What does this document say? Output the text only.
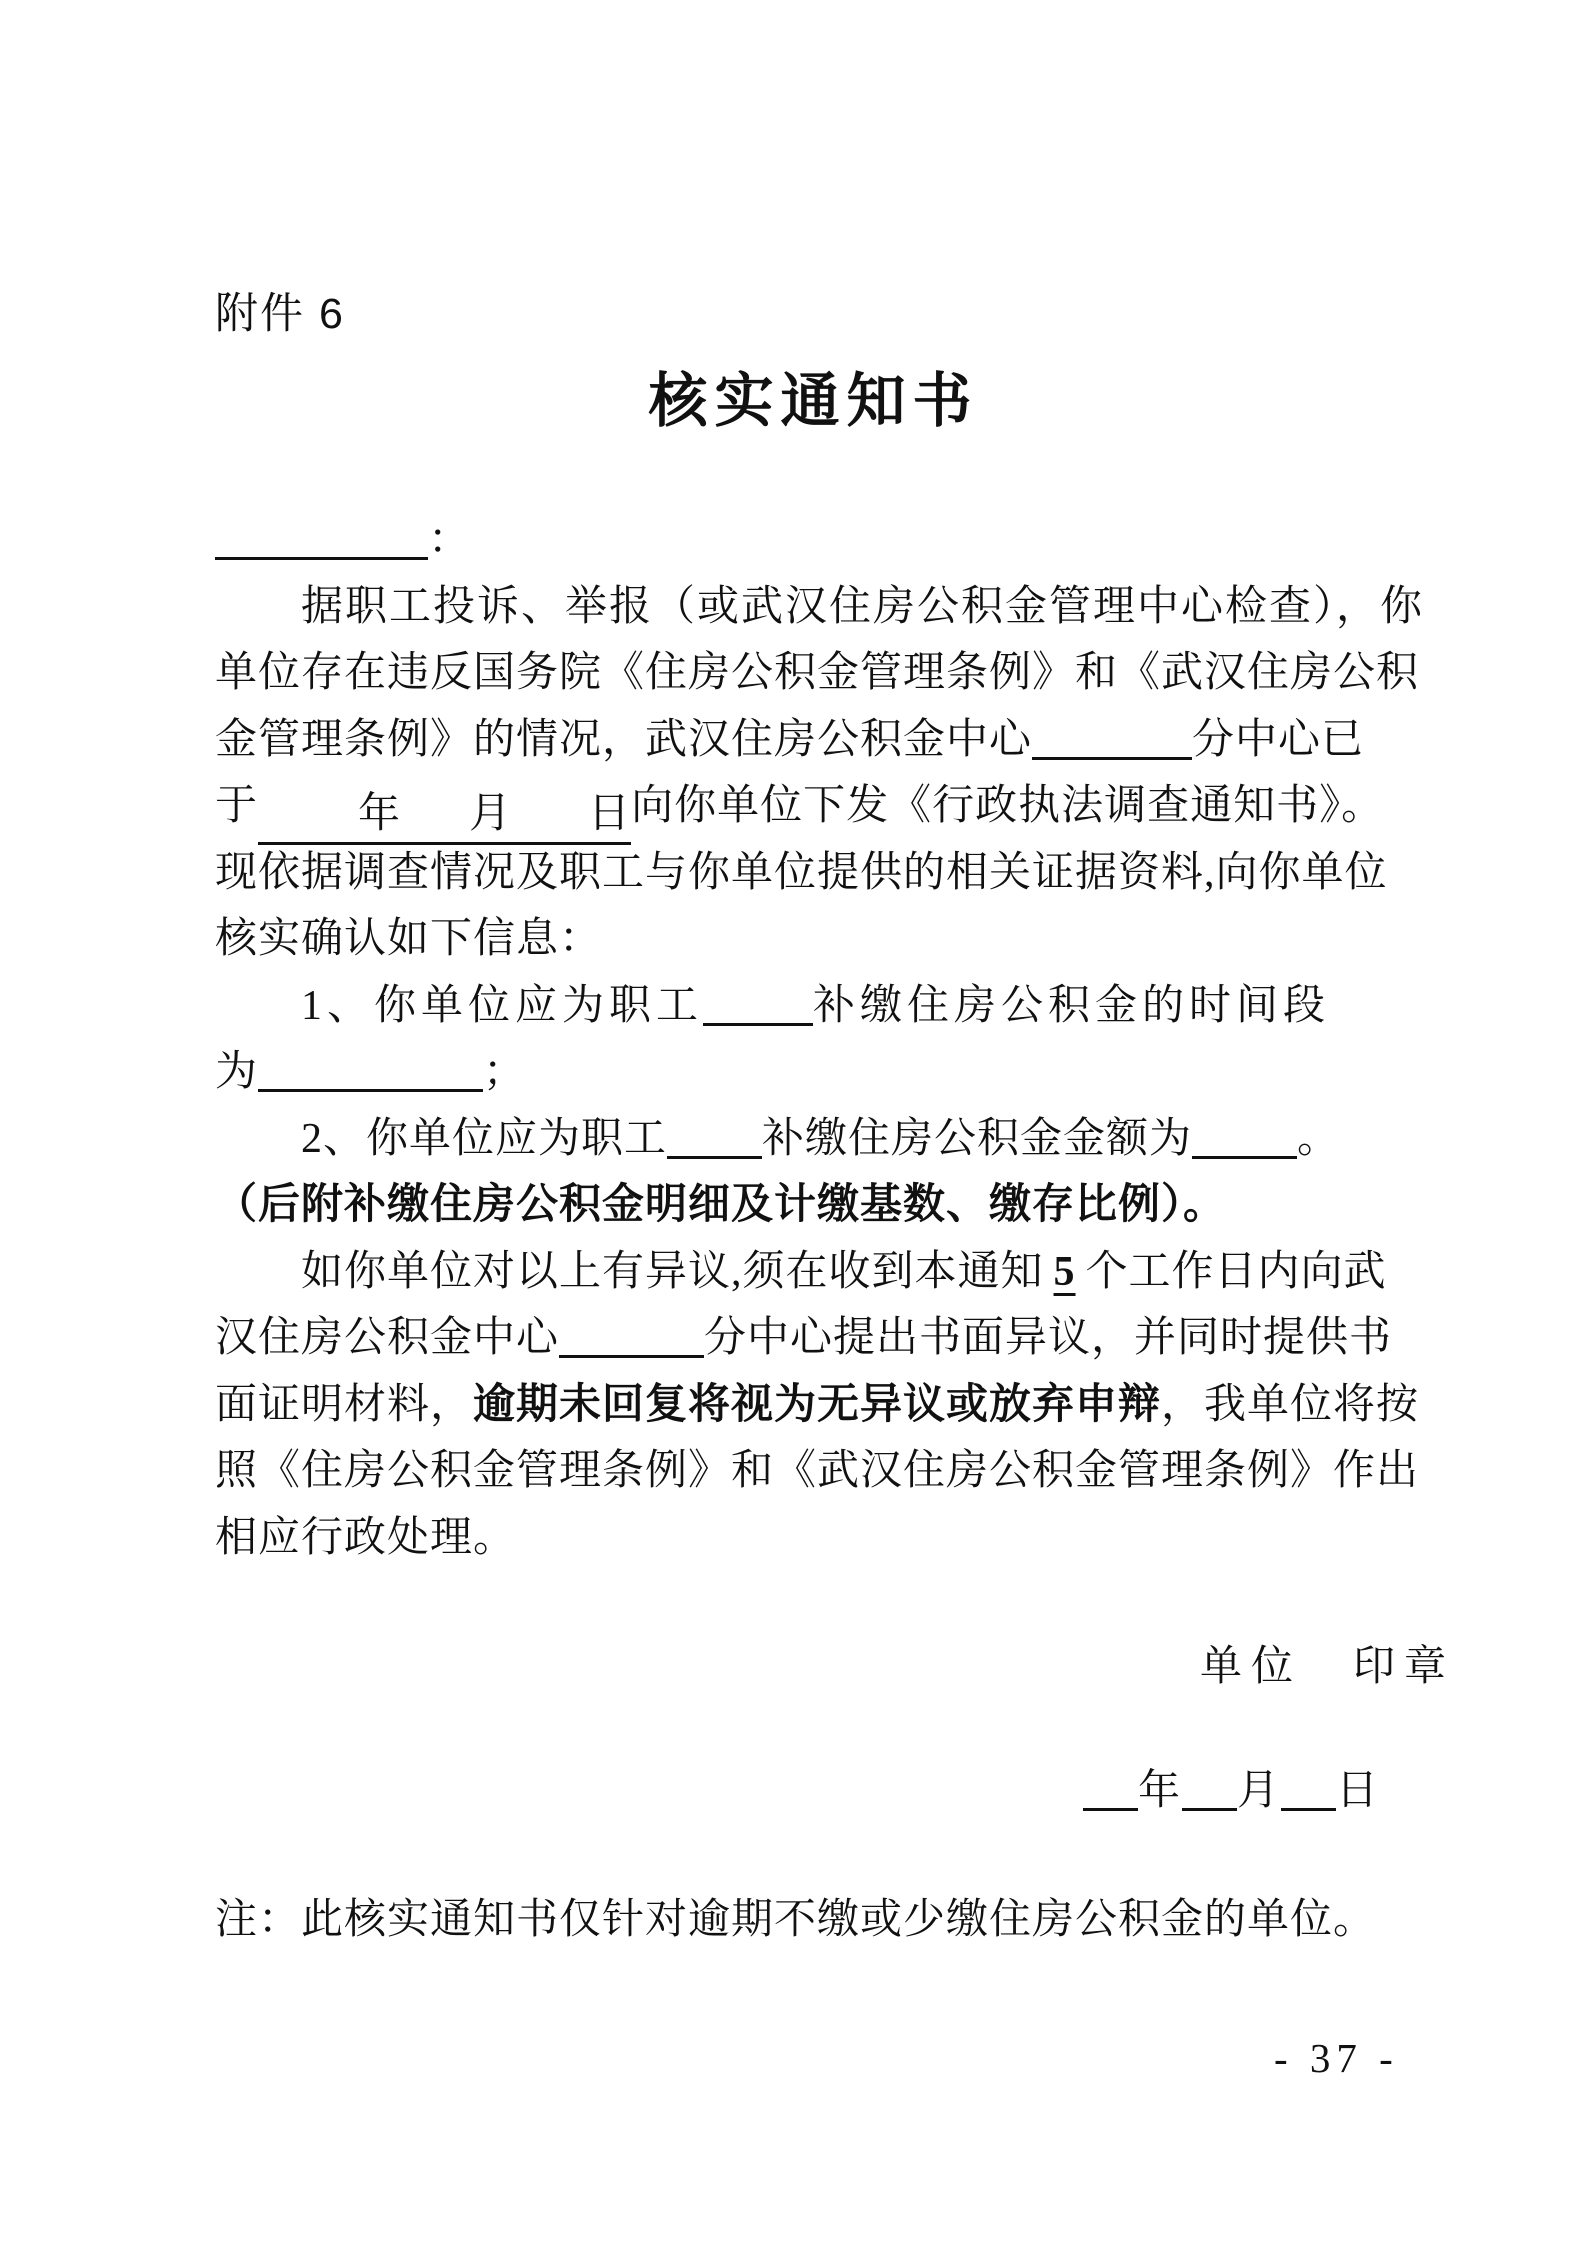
附件 6
核实通知书
：
据职工投诉、举报（或武汉住房公积金管理中心检查），你
单位存在违反国务院《住房公积金管理条例》和《武汉住房公积
金管理条例》的情况，武汉住房公积金中心	分中心已
于 年 月 日向你单位下发《行政执法调查通知书》。
现依据调查情况及职工与你单位提供的相关证据资料,向你单位
核实确认如下信息：
1、你单位应为职工	补缴住房公积金的时间段
为	；
2、你单位应为职工 补缴住房公积金金额为	。
（后附补缴住房公积金明细及计缴基数、缴存比例）。
如你单位对以上有异议,须在收到本通知 5 个工作日内向武
汉住房公积金中心	分中心提出书面异议，并同时提供书
面证明材料，逾期未回复将视为无异议或放弃申辩，我单位将按
照《住房公积金管理条例》和《武汉住房公积金管理条例》作出
相应行政处理。
单位　印章
年 月 日
注：此核实通知书仅针对逾期不缴或少缴住房公积金的单位。
- 37 -
